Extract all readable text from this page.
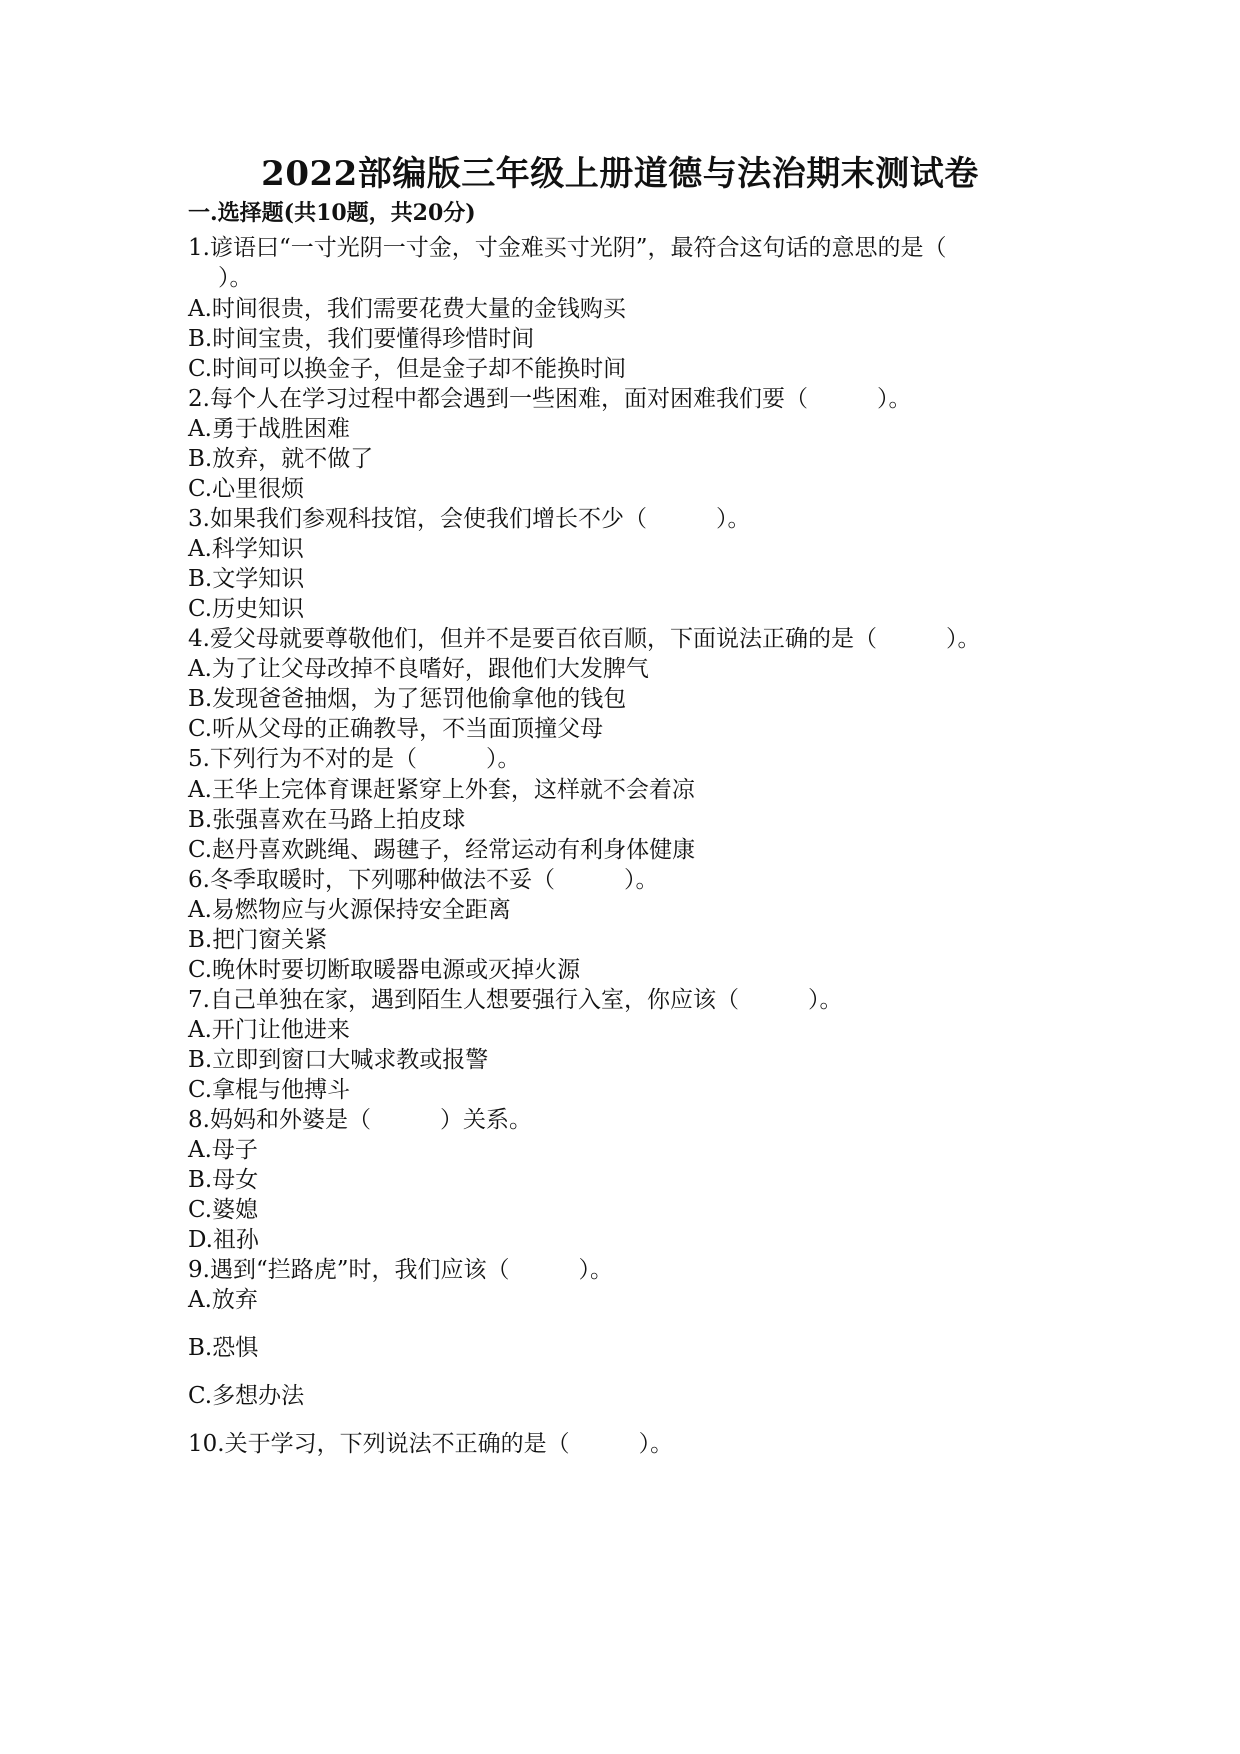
2022部编版三年级上册道德与法治期末测试卷
一.选择题(共10题，共20分)
1.谚语曰“一寸光阴一寸金，寸金难买寸光阴”，最符合这句话的意思的是（
）。
A.时间很贵，我们需要花费大量的金钱购买
B.时间宝贵，我们要懂得珍惜时间
C.时间可以换金子，但是金子却不能换时间
2.每个人在学习过程中都会遇到一些困难，面对困难我们要（　　　）。
A.勇于战胜困难
B.放弃，就不做了
C.心里很烦
3.如果我们参观科技馆，会使我们增长不少（　　　）。
A.科学知识
B.文学知识
C.历史知识
4.爱父母就要尊敬他们，但并不是要百依百顺，下面说法正确的是（　　　）。
A.为了让父母改掉不良嗜好，跟他们大发脾气
B.发现爸爸抽烟，为了惩罚他偷拿他的钱包
C.听从父母的正确教导，不当面顶撞父母
5.下列行为不对的是（　　　）。
A.王华上完体育课赶紧穿上外套，这样就不会着凉
B.张强喜欢在马路上拍皮球
C.赵丹喜欢跳绳、踢毽子，经常运动有利身体健康
6.冬季取暖时，下列哪种做法不妥（　　　）。
A.易燃物应与火源保持安全距离
B.把门窗关紧
C.晚休时要切断取暖器电源或灭掉火源
7.自己单独在家，遇到陌生人想要强行入室，你应该（　　　）。
A.开门让他进来
B.立即到窗口大喊求教或报警
C.拿棍与他搏斗
8.妈妈和外婆是（　　　）关系。
A.母子
B.母女
C.婆媳
D.祖孙
9.遇到“拦路虎”时，我们应该（　　　）。
A.放弃
B.恐惧
C.多想办法
10.关于学习，下列说法不正确的是（　　　）。
